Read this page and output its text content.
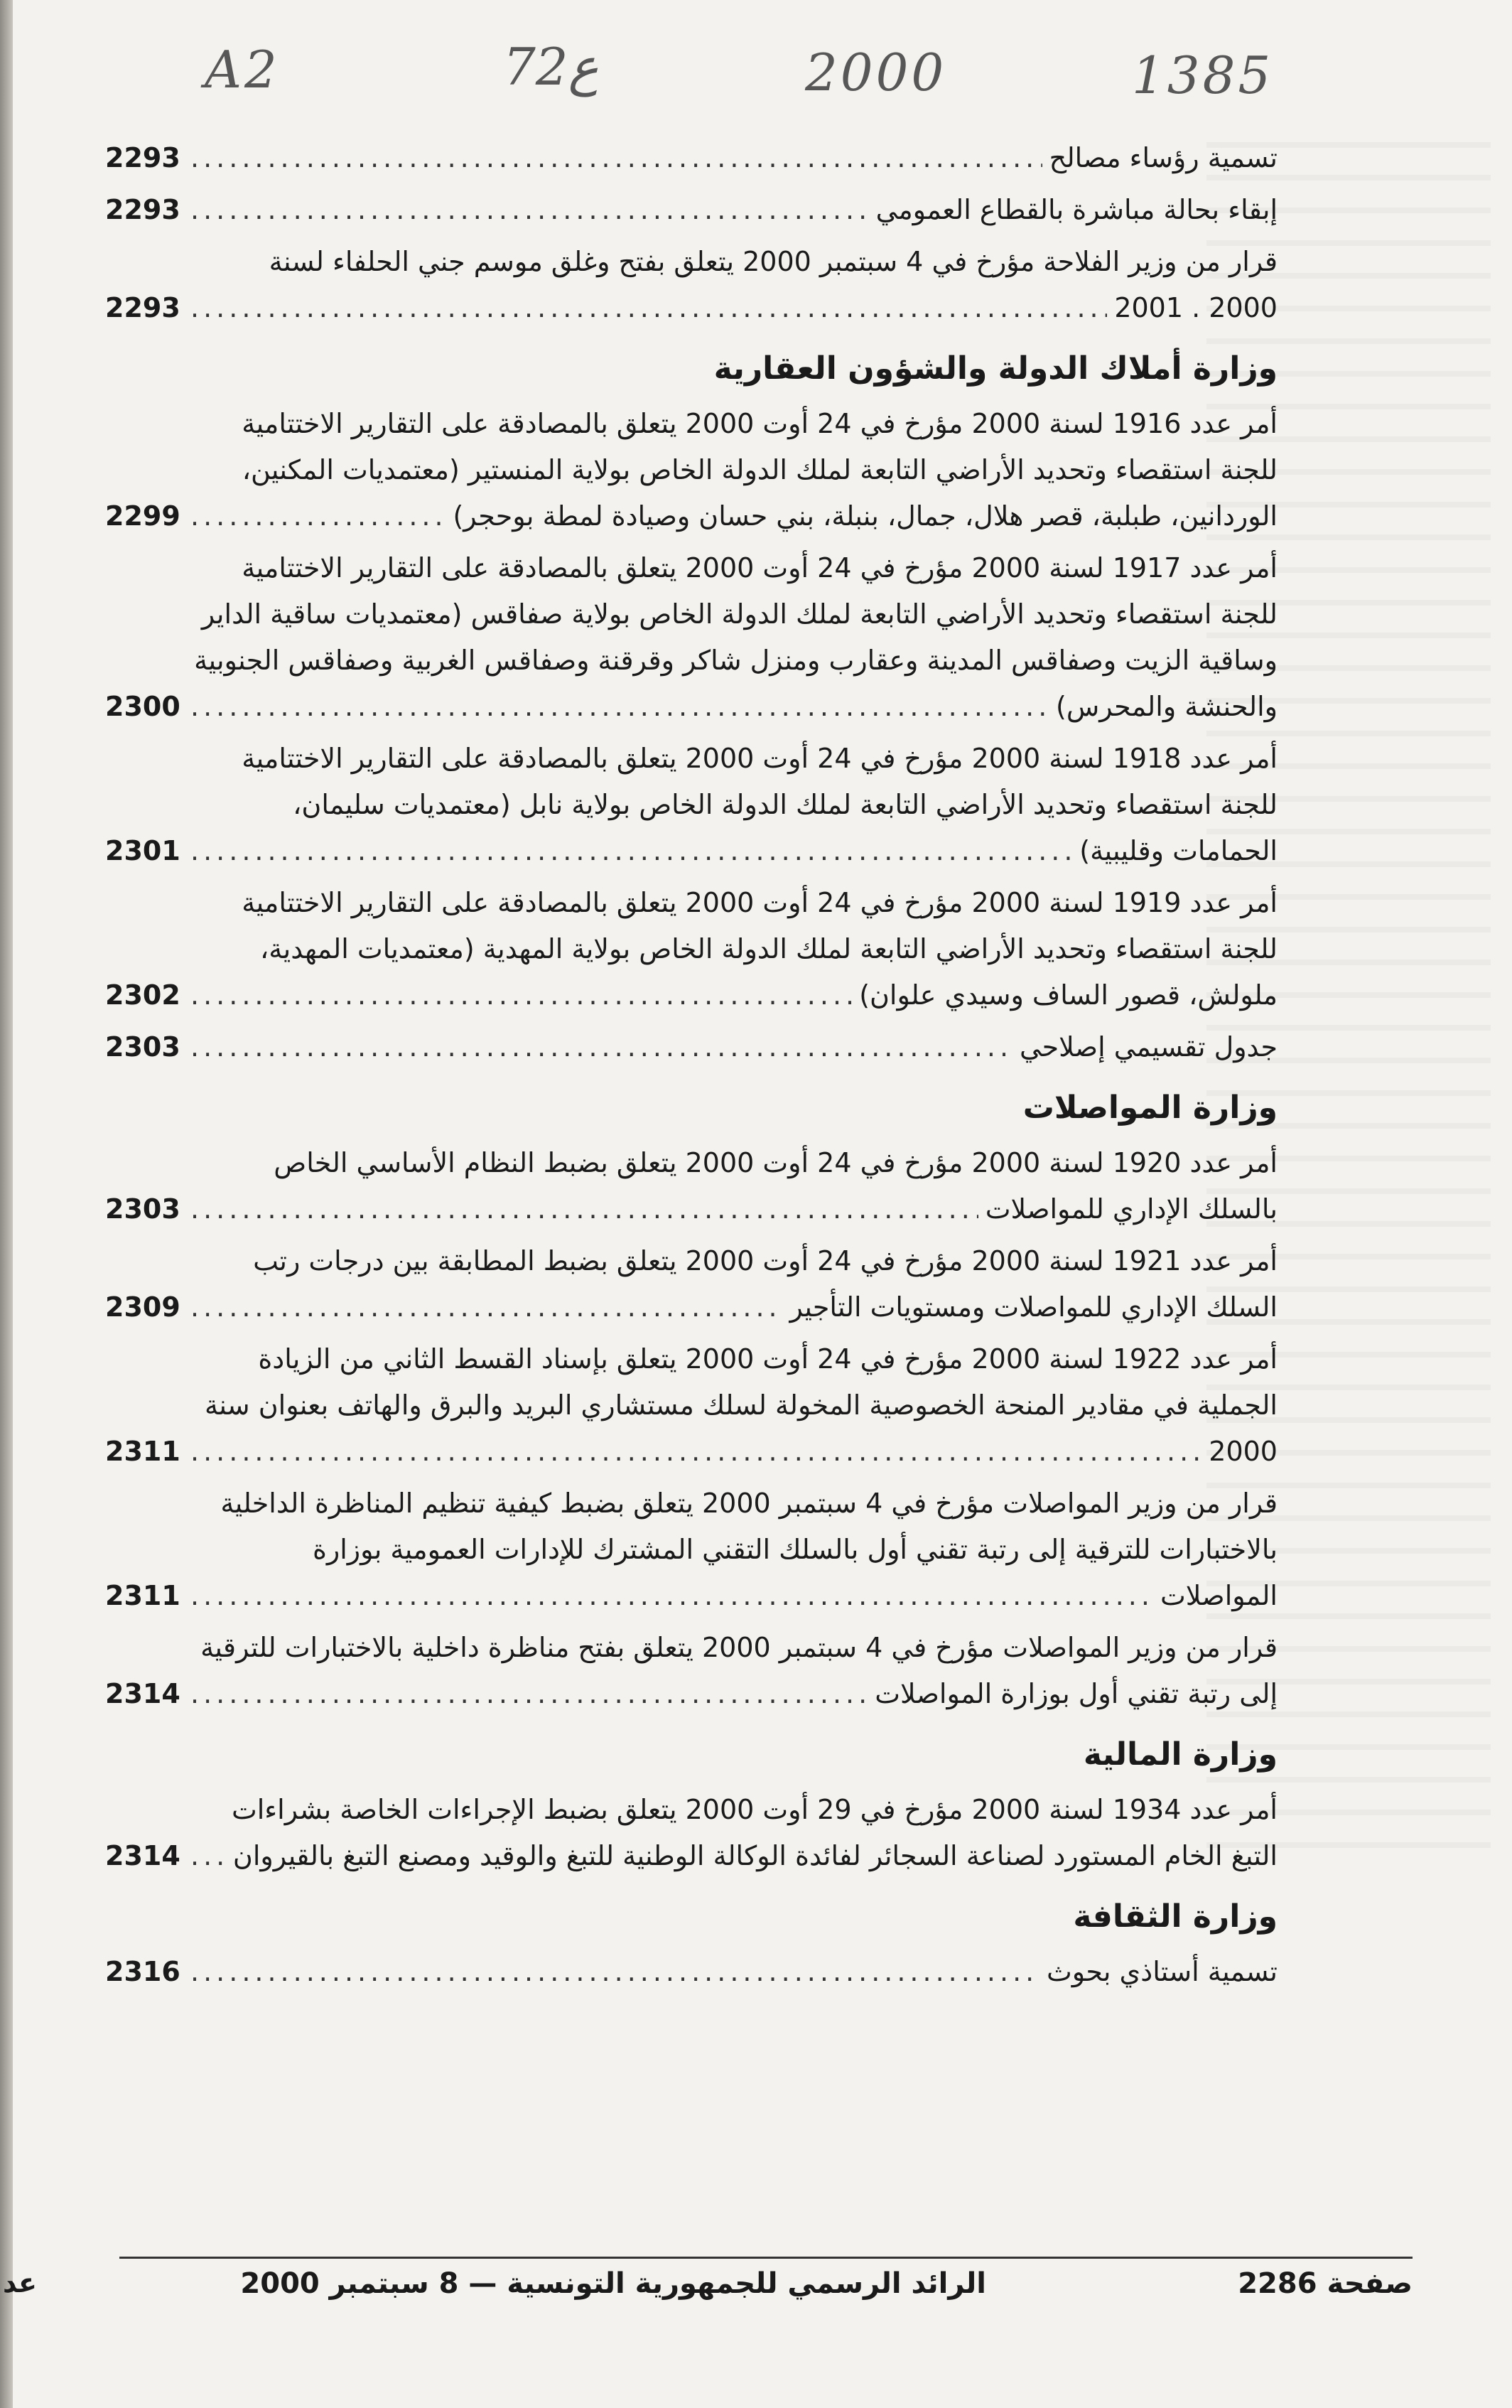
A2	72ع	2000	1385
تسمية رؤساء مصالح
.....
2293
إبقاء بحالة مباشرة بالقطاع العمومي
.....
2293
قرار من وزير الفلاحة مؤرخ في 4 سبتمبر 2000 يتعلق بفتح وغلق موسم جني الحلفاء لسنة
2000 . 2001
.....
2293
وزارة أملاك الدولة والشؤون العقارية
أمر عدد 1916 لسنة 2000 مؤرخ في 24 أوت 2000 يتعلق بالمصادقة على التقارير الاختتامية
للجنة استقصاء وتحديد الأراضي التابعة لملك الدولة الخاص بولاية المنستير (معتمديات المكنين،
الوردانين، طبلبة، قصر هلال، جمال، بنبلة، بني حسان وصيادة لمطة بوحجر)
.....
2299
أمر عدد 1917 لسنة 2000 مؤرخ في 24 أوت 2000 يتعلق بالمصادقة على التقارير الاختتامية
للجنة استقصاء وتحديد الأراضي التابعة لملك الدولة الخاص بولاية صفاقس (معتمديات ساقية الداير
وساقية الزيت وصفاقس المدينة وعقارب ومنزل شاكر وقرقنة وصفاقس الغربية وصفاقس الجنوبية
والحنشة والمحرس)
.....
2300
أمر عدد 1918 لسنة 2000 مؤرخ في 24 أوت 2000 يتعلق بالمصادقة على التقارير الاختتامية
للجنة استقصاء وتحديد الأراضي التابعة لملك الدولة الخاص بولاية نابل (معتمديات سليمان،
الحمامات وقليبية)
.....
2301
أمر عدد 1919 لسنة 2000 مؤرخ في 24 أوت 2000 يتعلق بالمصادقة على التقارير الاختتامية
للجنة استقصاء وتحديد الأراضي التابعة لملك الدولة الخاص بولاية المهدية (معتمديات المهدية،
ملولش، قصور الساف وسيدي علوان)
.....
2302
جدول تقسيمي إصلاحي
.....
2303
وزارة المواصلات
أمر عدد 1920 لسنة 2000 مؤرخ في 24 أوت 2000 يتعلق بضبط النظام الأساسي الخاص
بالسلك الإداري للمواصلات
.....
2303
أمر عدد 1921 لسنة 2000 مؤرخ في 24 أوت 2000 يتعلق بضبط المطابقة بين درجات رتب
السلك الإداري للمواصلات ومستويات التأجير
.....
2309
أمر عدد 1922 لسنة 2000 مؤرخ في 24 أوت 2000 يتعلق بإسناد القسط الثاني من الزيادة
الجملية في مقادير المنحة الخصوصية المخولة لسلك مستشاري البريد والبرق والهاتف بعنوان سنة
2000
.....
2311
قرار من وزير المواصلات مؤرخ في 4 سبتمبر 2000 يتعلق بضبط كيفية تنظيم المناظرة الداخلية
بالاختبارات للترقية إلى رتبة تقني أول بالسلك التقني المشترك للإدارات العمومية بوزارة
المواصلات
.....
2311
قرار من وزير المواصلات مؤرخ في 4 سبتمبر 2000 يتعلق بفتح مناظرة داخلية بالاختبارات للترقية
إلى رتبة تقني أول بوزارة المواصلات
.....
2314
وزارة المالية
أمر عدد 1934 لسنة 2000 مؤرخ في 29 أوت 2000 يتعلق بضبط الإجراءات الخاصة بشراءات
التبغ الخام المستورد لصناعة السجائر لفائدة الوكالة الوطنية للتبغ والوقيد ومصنع التبغ بالقيروان
.....
2314
وزارة الثقافة
تسمية أستاذي بحوث
.....
2316
صفحة 2286
الرائد الرسمي للجمهورية التونسية — 8 سبتمبر 2000
عد
